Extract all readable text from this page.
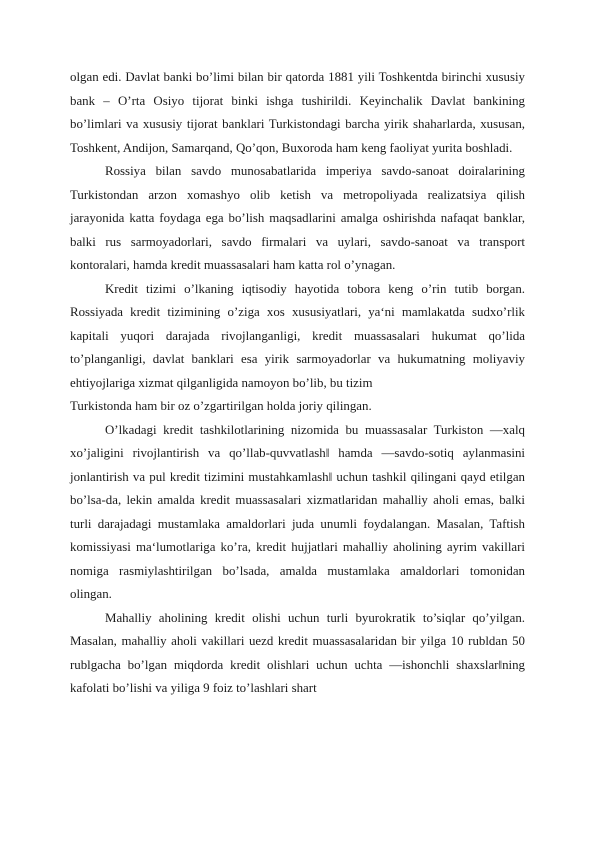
olgan edi. Davlat banki bo’limi bilan bir qatorda 1881 yili Toshkentda birinchi xususiy bank – O’rta Osiyo tijorat binki ishga tushirildi. Keyinchalik Davlat bankining bo’limlari va xususiy tijorat banklari Turkistondagi barcha yirik shaharlarda, xususan, Toshkent, Andijon, Samarqand, Qo’qon, Buxoroda ham keng faoliyat yurita boshladi.

Rossiya bilan savdo munosabatlarida imperiya savdo-sanoat doiralarining Turkistondan arzon xomashyo olib ketish va metropoliyada realizatsiya qilish jarayonida katta foydaga ega bo’lish maqsadlarini amalga oshirishda nafaqat banklar, balki rus sarmoyadorlari, savdo firmalari va uylari, savdo-sanoat va transport kontoralari, hamda kredit muassasalari ham katta rol o’ynagan.

Kredit tizimi o’lkaning iqtisodiy hayotida tobora keng o’rin tutib borgan. Rossiyada kredit tizimining o’ziga xos xususiyatlari, ya‘ni mamlakatda sudxo’rlik kapitali yuqori darajada rivojlanganligi, kredit muassasalari hukumat qo’lida to’planganligi, davlat banklari esa yirik sarmoyadorlar va hukumatning moliyaviy ehtiyojlariga xizmat qilganligida namoyon bo’lib, bu tizim

Turkistonda ham bir oz o’zgartirilgan holda joriy qilingan.

O’lkadagi kredit tashkilotlarining nizomida bu muassasalar Turkiston ―xalq xo’jaligini rivojlantirish va qo’llab-quvvatlash‖ hamda ―savdo-sotiq aylanmasini jonlantirish va pul kredit tizimini mustahkamlash‖ uchun tashkil qilingani qayd etilgan bo’lsa-da, lekin amalda kredit muassasalari xizmatlaridan mahalliy aholi emas, balki turli darajadagi mustamlaka amaldorlari juda unumli foydalangan. Masalan, Taftish komissiyasi ma‘lumotlariga ko’ra, kredit hujjatlari mahalliy aholining ayrim vakillari nomiga rasmiylashtirilgan bo’lsada, amalda mustamlaka amaldorlari tomonidan olingan.

Mahalliy aholining kredit olishi uchun turli byurokratik to’siqlar qo’yilgan. Masalan, mahalliy aholi vakillari uezd kredit muassasalaridan bir yilga 10 rubldan 50 rublgacha bo’lgan miqdorda kredit olishlari uchun uchta ―ishonchli shaxslar‖ning kafolati bo’lishi va yiliga 9 foiz to’lashlari shart
